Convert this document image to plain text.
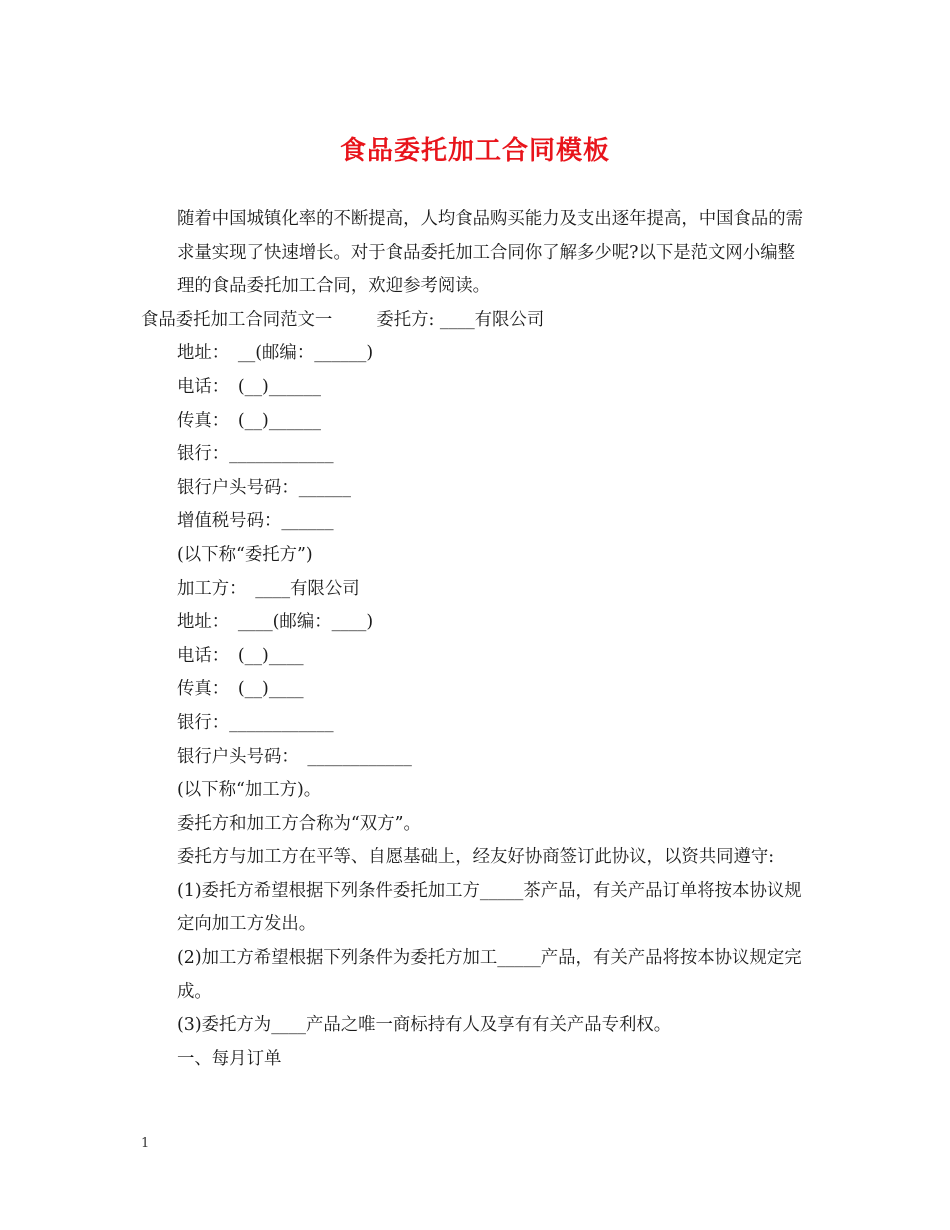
食品委托加工合同模板

随着中国城镇化率的不断提高，人均食品购买能力及支出逐年提高，中国食品的需求量实现了快速增长。对于食品委托加工合同你了解多少呢?以下是范文网小编整理的食品委托加工合同，欢迎参考阅读。

食品委托加工合同范文一	委托方: ____有限公司

地址：　__(邮编：______)

电话：　(__)______

传真：　(__)______

银行：____________

银行户头号码：______

增值税号码：______

(以下称“委托方”)

加工方：　____有限公司

地址：　____(邮编：____)

电话：　(__)____

传真：　(__)____

银行：____________

银行户头号码：　____________

(以下称“加工方)。

委托方和加工方合称为“双方”。

委托方与加工方在平等、自愿基础上，经友好协商签订此协议，以资共同遵守:

(1)委托方希望根据下列条件委托加工方_____茶产品，有关产品订单将按本协议规定向加工方发出。

(2)加工方希望根据下列条件为委托方加工_____产品，有关产品将按本协议规定完成。

(3)委托方为____产品之唯一商标持有人及享有有关产品专利权。

一、每月订单

1
